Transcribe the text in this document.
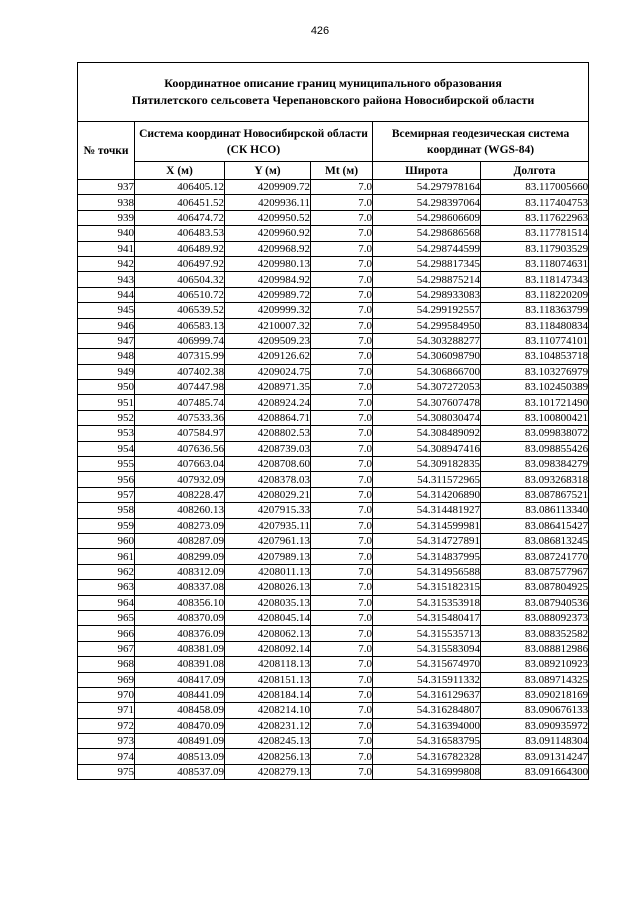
426
Координатное описание границ муниципального образования
Пятилетского сельсовета Черепановского района Новосибирской области					

№ точки	Система координат Новосибирской области (СК НСО)			Всемирная геодезическая система координат (WGS-84)	
	X (м)	Y (м)	Mt (м)	Широта	Долгота
937	406405.12	4209909.72	7.0	54.297978164	83.117005660
938	406451.52	4209936.11	7.0	54.298397064	83.117404753
939	406474.72	4209950.52	7.0	54.298606609	83.117622963
940	406483.53	4209960.92	7.0	54.298686568	83.117781514
941	406489.92	4209968.92	7.0	54.298744599	83.117903529
942	406497.92	4209980.13	7.0	54.298817345	83.118074631
943	406504.32	4209984.92	7.0	54.298875214	83.118147343
944	406510.72	4209989.72	7.0	54.298933083	83.118220209
945	406539.52	4209999.32	7.0	54.299192557	83.118363799
946	406583.13	4210007.32	7.0	54.299584950	83.118480834
947	406999.74	4209509.23	7.0	54.303288277	83.110774101
948	407315.99	4209126.62	7.0	54.306098790	83.104853718
949	407402.38	4209024.75	7.0	54.306866700	83.103276979
950	407447.98	4208971.35	7.0	54.307272053	83.102450389
951	407485.74	4208924.24	7.0	54.307607478	83.101721490
952	407533.36	4208864.71	7.0	54.308030474	83.100800421
953	407584.97	4208802.53	7.0	54.308489092	83.099838072
954	407636.56	4208739.03	7.0	54.308947416	83.098855426
955	407663.04	4208708.60	7.0	54.309182835	83.098384279
956	407932.09	4208378.03	7.0	54.311572965	83.093268318
957	408228.47	4208029.21	7.0	54.314206890	83.087867521
958	408260.13	4207915.33	7.0	54.314481927	83.086113340
959	408273.09	4207935.11	7.0	54.314599981	83.086415427
960	408287.09	4207961.13	7.0	54.314727891	83.086813245
961	408299.09	4207989.13	7.0	54.314837995	83.087241770
962	408312.09	4208011.13	7.0	54.314956588	83.087577967
963	408337.08	4208026.13	7.0	54.315182315	83.087804925
964	408356.10	4208035.13	7.0	54.315353918	83.087940536
965	408370.09	4208045.14	7.0	54.315480417	83.088092373
966	408376.09	4208062.13	7.0	54.315535713	83.088352582
967	408381.09	4208092.14	7.0	54.315583094	83.088812986
968	408391.08	4208118.13	7.0	54.315674970	83.089210923
969	408417.09	4208151.13	7.0	54.315911332	83.089714325
970	408441.09	4208184.14	7.0	54.316129637	83.090218169
971	408458.09	4208214.10	7.0	54.316284807	83.090676133
972	408470.09	4208231.12	7.0	54.316394000	83.090935972
973	408491.09	4208245.13	7.0	54.316583795	83.091148304
974	408513.09	4208256.13	7.0	54.316782328	83.091314247
975	408537.09	4208279.13	7.0	54.316999808	83.091664300
